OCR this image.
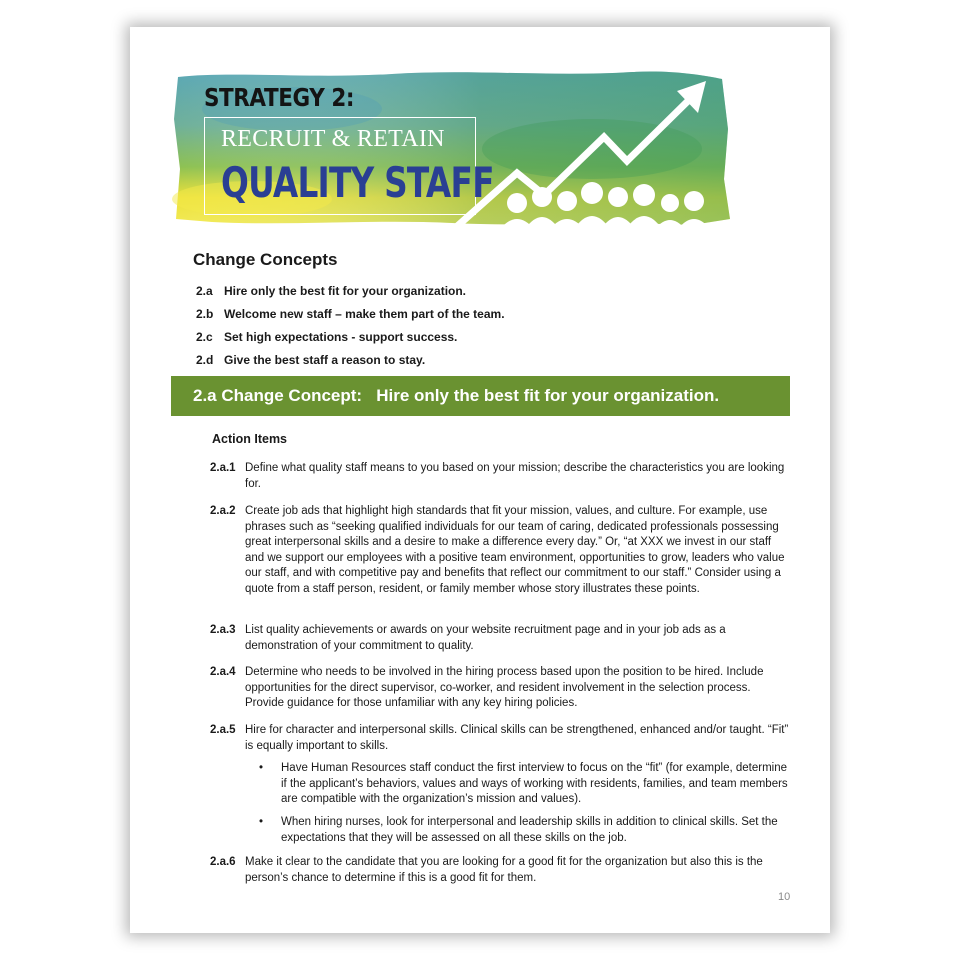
STRATEGY 2:
RECRUIT & RETAIN
QUALITY STAFF
Change Concepts
2.a Hire only the best fit for your organization.
2.b Welcome new staff – make them part of the team.
2.c Set high expectations - support success.
2.d Give the best staff a reason to stay.
2.a Change Concept:   Hire only the best fit for your organization.
Action Items
2.a.1 Define what quality staff means to you based on your mission; describe the characteristics you are looking for.
2.a.2 Create job ads that highlight high standards that fit your mission, values, and culture. For example, use phrases such as “seeking qualified individuals for our team of caring, dedicated professionals possessing great interpersonal skills and a desire to make a difference every day.” Or, “at XXX we invest in our staff and we support our employees with a positive team environment, opportunities to grow, leaders who value our staff, and with competitive pay and benefits that reflect our commitment to our staff.” Consider using a quote from a staff person, resident, or family member whose story illustrates these points.
2.a.3 List quality achievements or awards on your website recruitment page and in your job ads as a demonstration of your commitment to quality.
2.a.4 Determine who needs to be involved in the hiring process based upon the position to be hired. Include opportunities for the direct supervisor, co-worker, and resident involvement in the selection process. Provide guidance for those unfamiliar with any key hiring policies.
2.a.5 Hire for character and interpersonal skills. Clinical skills can be strengthened, enhanced and/or taught. “Fit” is equally important to skills.
• Have Human Resources staff conduct the first interview to focus on the “fit” (for example, determine if the applicant’s behaviors, values and ways of working with residents, families, and team members are compatible with the organization’s mission and values).
• When hiring nurses, look for interpersonal and leadership skills in addition to clinical skills. Set the expectations that they will be assessed on all these skills on the job.
2.a.6 Make it clear to the candidate that you are looking for a good fit for the organization but also this is the person’s chance to determine if this is a good fit for them.
10
